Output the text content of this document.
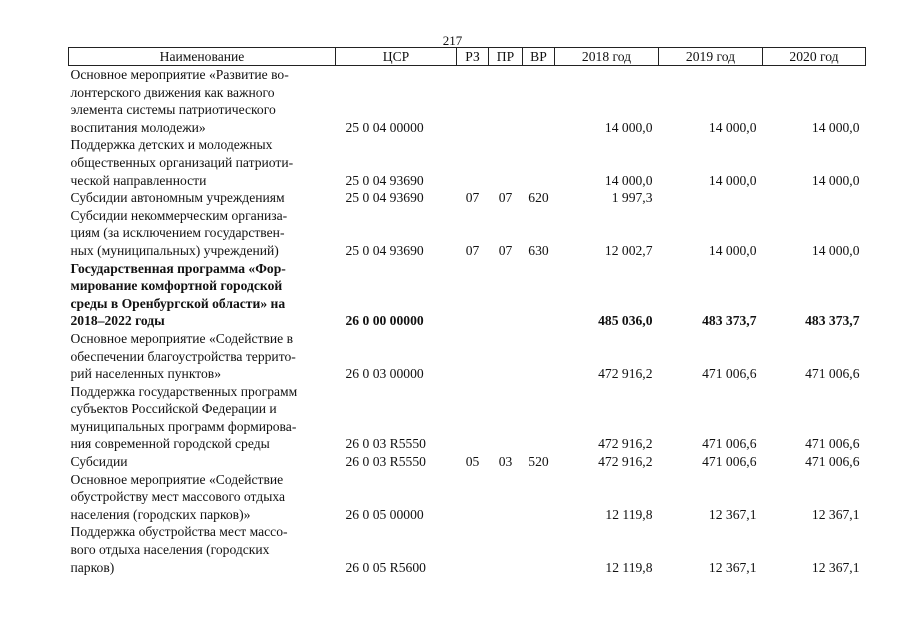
217
Наименование	ЦСР	РЗ	ПР	ВР	2018 год	2019 год	2020 год
Основное мероприятие «Развитие во-
лонтерского движения как важного
элемента системы патриотического
воспитания молодежи»	25 0 04 00000				14 000,0	14 000,0	14 000,0
Поддержка детских и молодежных
общественных организаций патриоти-
ческой направленности	25 0 04 93690				14 000,0	14 000,0	14 000,0
Субсидии автономным учреждениям	25 0 04 93690	07	07	620	1 997,3		
Субсидии некоммерческим организа-
циям (за исключением государствен-
ных (муниципальных) учреждений)	25 0 04 93690	07	07	630	12 002,7	14 000,0	14 000,0
Государственная программа «Фор-
мирование комфортной городской
среды в Оренбургской области» на
2018–2022 годы	26 0 00 00000				485 036,0	483 373,7	483 373,7
Основное мероприятие «Содействие в
обеспечении благоустройства террито-
рий населенных пунктов»	26 0 03 00000				472 916,2	471 006,6	471 006,6
Поддержка государственных программ
субъектов Российской Федерации и
муниципальных программ формирова-
ния современной городской среды	26 0 03 R5550				472 916,2	471 006,6	471 006,6
Субсидии	26 0 03 R5550	05	03	520	472 916,2	471 006,6	471 006,6
Основное мероприятие «Содействие
обустройству мест массового отдыха
населения (городских парков)»	26 0 05 00000				12 119,8	12 367,1	12 367,1
Поддержка обустройства мест массо-
вого отдыха населения (городских
парков)	26 0 05 R5600				12 119,8	12 367,1	12 367,1
